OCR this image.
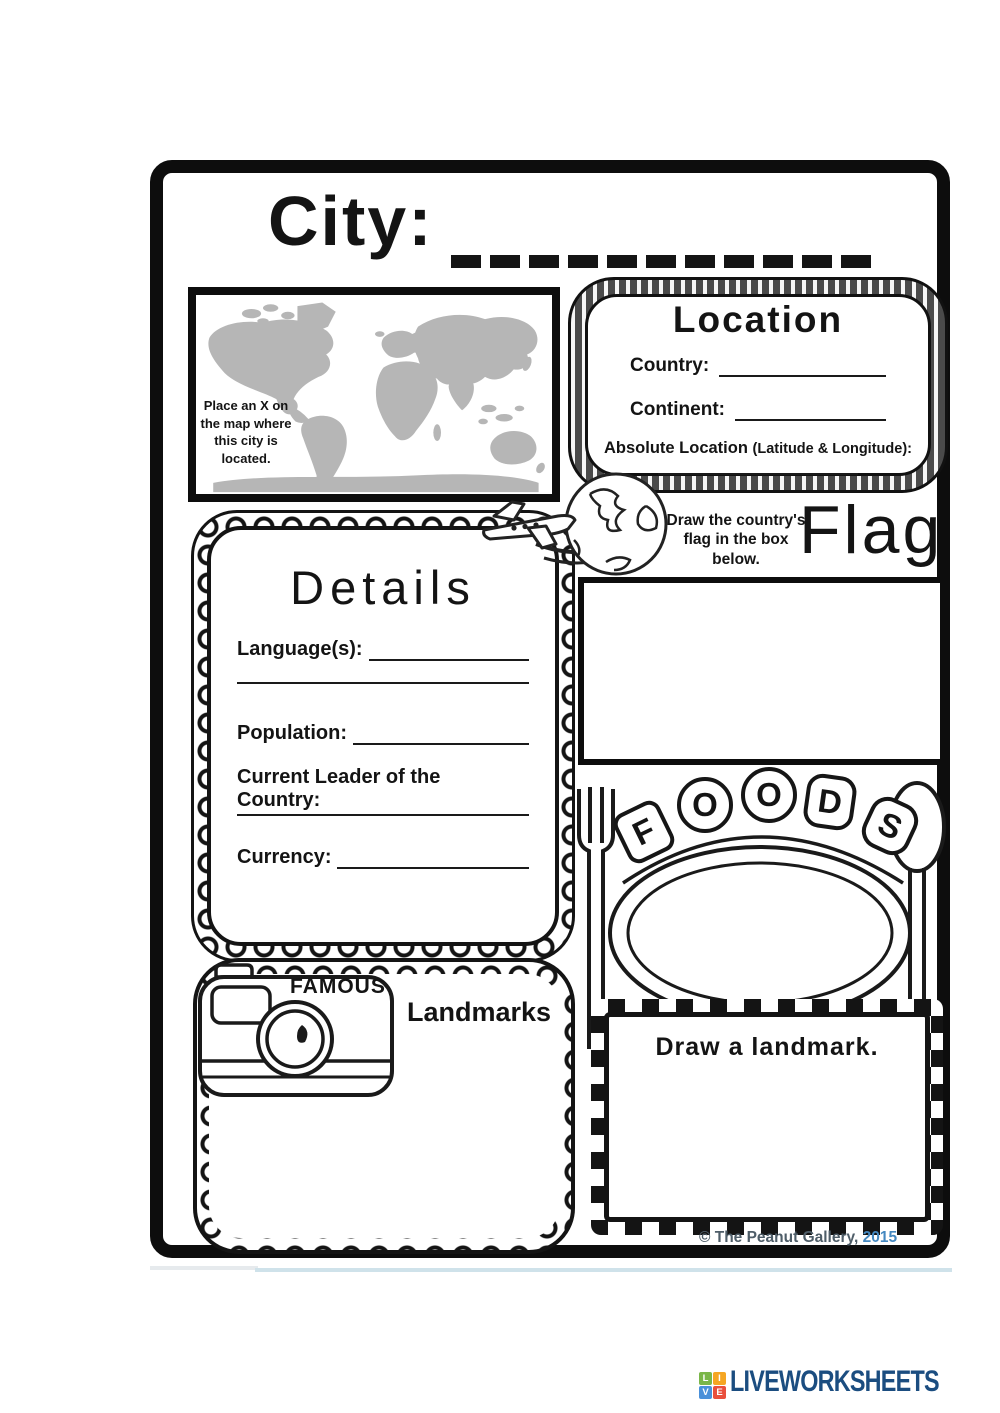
City:
Place an X on the map where this city is located.
Location
Country:
Continent:
Absolute Location (Latitude & Longitude):
Draw the country's flag in the box below. Flag
Details
Language(s):
Population:
Current Leader of the Country:
Currency:
F
O	O	D
S
Draw a landmark.
FAMOUS
Landmarks
© The Peanut Gallery, 2015
L	I
V E LIVEWORKSHEETS
